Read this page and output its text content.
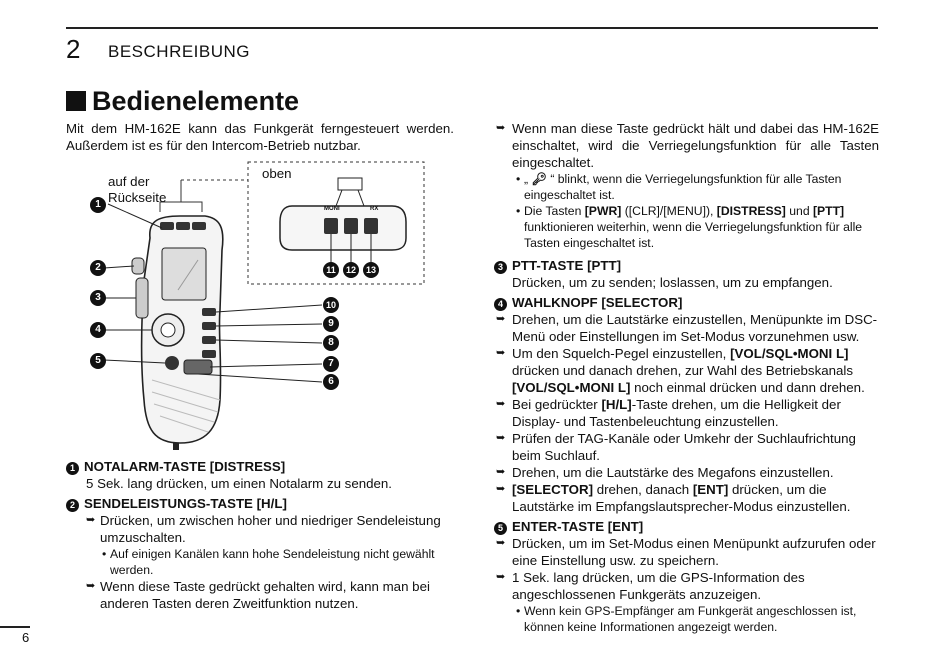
2 BESCHREIBUNG
Bedienelemente
Mit dem HM-162E kann das Funkgerät ferngesteuert werden. Außerdem ist es für den Intercom-Betrieb nutzbar.
auf der
Rückseite
oben
MONI	RX
1
2
3
4
5
6
7
8
9
10
11	12	13
1 NOTALARM-TASTE [DISTRESS]
5 Sek. lang drücken, um einen Notalarm zu senden.
2 SENDELEISTUNGS-TASTE [H/L]
➥ Drücken, um zwischen hoher und niedriger Sendeleistung umzuschalten.
• Auf einigen Kanälen kann hohe Sendeleistung nicht gewählt werden.
➥ Wenn diese Taste gedrückt gehalten wird, kann man bei anderen Tasten deren Zweitfunktion nutzen.
➥ Wenn man diese Taste gedrückt hält und dabei das HM-162E einschaltet, wird die Verriegelungsfunktion für alle Tasten eingeschaltet.
• „ 🔑︎ “ blinkt, wenn die Verriegelungsfunktion für alle Tasten eingeschaltet ist.
• Die Tasten [PWR] ([CLR]/[MENU]), [DISTRESS] und [PTT] funktionieren weiterhin, wenn die Verriegelungsfunktion für alle Tasten eingeschaltet ist.
3 PTT-TASTE [PTT]
Drücken, um zu senden; loslassen, um zu empfangen.
4 WAHLKNOPF [SELECTOR]
➥ Drehen, um die Lautstärke einzustellen, Menüpunkte im DSC-Menü oder Einstellungen im Set-Modus vorzunehmen usw.
➥ Um den Squelch-Pegel einzustellen, [VOL/SQL•MONI L] drücken und danach drehen, zur Wahl des Betriebskanals [VOL/SQL•MONI L] noch einmal drücken und dann drehen.
➥ Bei gedrückter [H/L]-Taste drehen, um die Helligkeit der Display- und Tastenbeleuchtung einzustellen.
➥ Prüfen der TAG-Kanäle oder Umkehr der Suchlaufrichtung beim Suchlauf.
➥ Drehen, um die Lautstärke des Megafons einzustellen.
➥ [SELECTOR] drehen, danach [ENT] drücken, um die Lautstärke im Empfangslautsprecher-Modus einzustellen.
5 ENTER-TASTE [ENT]
➥ Drücken, um im Set-Modus einen Menüpunkt aufzurufen oder eine Einstellung usw. zu speichern.
➥ 1 Sek. lang drücken, um die GPS-Information des angeschlossenen Funkgeräts anzuzeigen.
• Wenn kein GPS-Empfänger am Funkgerät angeschlossen ist, können keine Informationen angezeigt werden.
6
